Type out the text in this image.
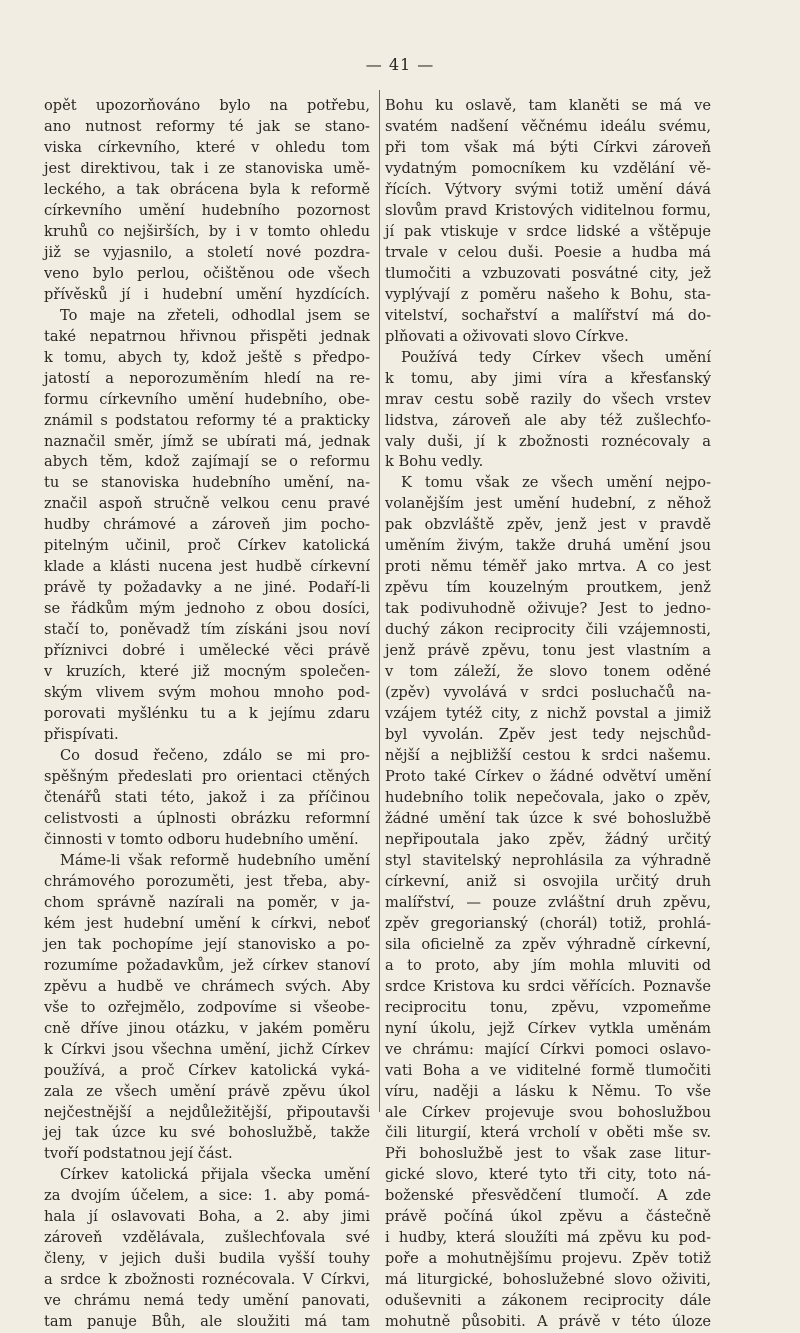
— 41 —
opět upozorňováno bylo na potřebu,
ano nutnost reformy té jak se stano-
viska církevního, které v ohledu tom
jest direktivou, tak i ze stanoviska umě-
leckého, a tak obrácena byla k reformě
církevního umění hudebního pozornost
kruhů co nejširších, by i v tomto ohledu
již se vyjasnilo, a století nové pozdra-
veno bylo perlou, očištěnou ode všech
přívěsků jí i hudební umění hyzdících.
To maje na zřeteli, odhodlal jsem se
také nepatrnou hřivnou přispěti jednak
k tomu, abych ty, kdož ještě s předpo-
jatostí a neporozuměním hledí na re-
formu církevního umění hudebního, obe-
známil s podstatou reformy té a prakticky
naznačil směr, jímž se ubírati má, jednak
abych těm, kdož zajímají se o reformu
tu se stanoviska hudebního umění, na-
značil aspoň stručně velkou cenu pravé
hudby chrámové a zároveň jim pocho-
pitelným učinil, proč Církev katolická
klade a klásti nucena jest hudbě církevní
právě ty požadavky a ne jiné. Podaří-li
se řádkům mým jednoho z obou dosíci,
stačí to, poněvadž tím získáni jsou noví
příznivci dobré i umělecké věci právě
v kruzích, které již mocným společen-
ským vlivem svým mohou mnoho pod-
porovati myšlénku tu a k jejímu zdaru
přispívati.
Co dosud řečeno, zdálo se mi pro-
spěšným předeslati pro orientaci ctěných
čtenářů stati této, jakož i za příčinou
celistvosti a úplnosti obrázku reformní
činnosti v tomto odboru hudebního umění.
Máme-li však reformě hudebního umění
chrámového porozuměti, jest třeba, aby-
chom správně nazírali na poměr, v ja-
kém jest hudební umění k církvi, neboť
jen tak pochopíme její stanovisko a po-
rozumíme požadavkům, jež církev stanoví
zpěvu a hudbě ve chrámech svých. Aby
vše to ozřejmělo, zodpovíme si všeobe-
cně dříve jinou otázku, v jakém poměru
k Církvi jsou všechna umění, jichž Církev
používá, a proč Církev katolická vyká-
zala ze všech umění právě zpěvu úkol
nejčestnější a nejdůležitější, připoutavši
jej tak úzce ku své bohoslužbě, takže
tvoří podstatnou její část.
Církev katolická přijala všecka umění
za dvojím účelem, a sice: 1. aby pomá-
hala jí oslavovati Boha, a 2. aby jimi
zároveň vzdělávala, zušlechťovala své
členy, v jejich duši budila vyšší touhy
a srdce k zbožnosti roznécovala. V Církvi,
ve chrámu nemá tedy umění panovati,
tam panuje Bůh, ale sloužiti má tam
Bohu ku oslavě, tam klaněti se má ve
svatém nadšení věčnému ideálu svému,
při tom však má býti Církvi zároveň
vydatným pomocníkem ku vzdělání vě-
řících. Výtvory svými totiž umění dává
slovům pravd Kristových viditelnou formu,
jí pak vtiskuje v srdce lidské a vštěpuje
trvale v celou duši. Poesie a hudba má
tlumočiti a vzbuzovati posvátné city, jež
vyplývají z poměru našeho k Bohu, sta-
vitelství, sochařství a malířství má do-
plňovati a oživovati slovo Církve.
Používá tedy Církev všech umění
k tomu, aby jimi víra a křesťanský
mrav cestu sobě razily do všech vrstev
lidstva, zároveň ale aby též zušlechťo-
valy duši, jí k zbožnosti roznécovaly a
k Bohu vedly.
K tomu však ze všech umění nejpo-
volanějším jest umění hudební, z něhož
pak obzvláště zpěv, jenž jest v pravdě
uměním živým, takže druhá umění jsou
proti němu téměř jako mrtva. A co jest
zpěvu tím kouzelným proutkem, jenž
tak podivuhodně oživuje? Jest to jedno-
duchý zákon reciprocity čili vzájemnosti,
jenž právě zpěvu, tonu jest vlastním a
v tom záleží, že slovo tonem oděné
(zpěv) vyvolává v srdci posluchačů na-
vzájem tytéž city, z nichž povstal a jimiž
byl vyvolán. Zpěv jest tedy nejschůd-
nější a nejbližší cestou k srdci našemu.
Proto také Církev o žádné odvětví umění
hudebního tolik nepečovala, jako o zpěv,
žádné umění tak úzce k své bohoslužbě
nepřipoutala jako zpěv, žádný určitý
styl stavitelský neprohlásila za výhradně
církevní, aniž si osvojila určitý druh
malířství, — pouze zvláštní druh zpěvu,
zpěv gregorianský (chorál) totiž, prohlá-
sila oficielně za zpěv výhradně církevní,
a to proto, aby jím mohla mluviti od
srdce Kristova ku srdci věřících. Poznavše
reciprocitu tonu, zpěvu, vzpomeňme
nyní úkolu, jejž Církev vytkla uměnám
ve chrámu: mající Církvi pomoci oslavo-
vati Boha a ve viditelné formě tlumočiti
víru, naději a lásku k Němu. To vše
ale Církev projevuje svou bohoslužbou
čili liturgií, která vrcholí v oběti mše sv.
Při bohoslužbě jest to však zase litur-
gické slovo, které tyto tři city, toto ná-
boženské přesvědčení tlumočí. A zde
právě počíná úkol zpěvu a částečně
i hudby, která sloužíti má zpěvu ku pod-
poře a mohutnějšímu projevu. Zpěv totiž
má liturgické, bohoslužebné slovo oživiti,
oduševniti a zákonem reciprocity dále
mohutně působiti. A právě v této úloze
